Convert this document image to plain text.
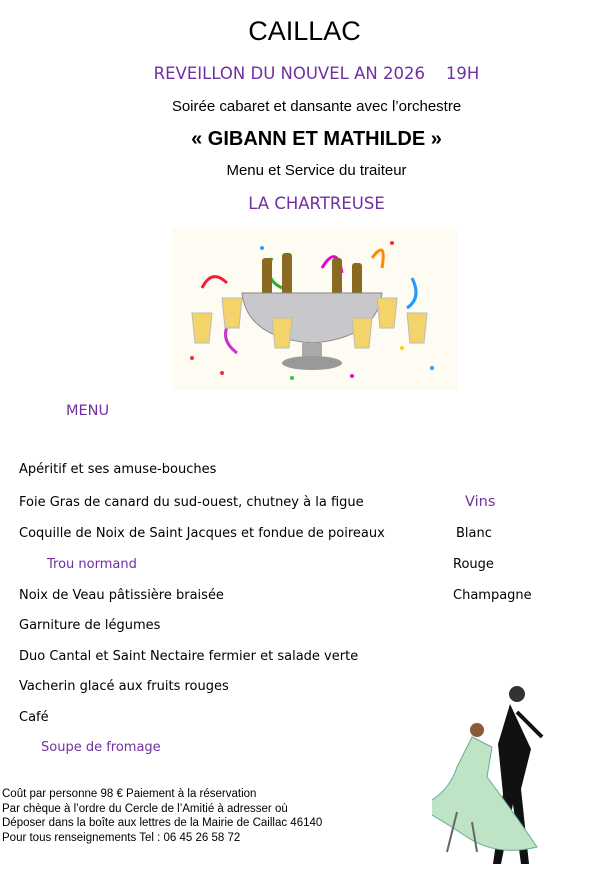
CAILLAC
REVEILLON DU NOUVEL AN 2026    19H
Soirée cabaret et dansante avec l’orchestre
« GIBANN ET MATHILDE »
Menu et Service du traiteur
LA CHARTREUSE
MENU
Apéritif et ses amuse-bouches
Foie Gras de canard du sud-ouest, chutney à la figue
Coquille de Noix de Saint Jacques et fondue de poireaux
Trou normand
Noix de Veau pâtissière braisée
Garniture de légumes
Duo Cantal et Saint Nectaire fermier et salade verte
Vacherin glacé aux fruits rouges
Café
Soupe de fromage
Vins
Blanc
Rouge
Champagne
Coût par personne 98 € Paiement à la réservation
Par chèque à l’ordre du Cercle de l’Amitié à adresser où
Déposer dans la boîte aux lettres de la Mairie de Caillac 46140
Pour tous renseignements Tel : 06 45 26 58 72
